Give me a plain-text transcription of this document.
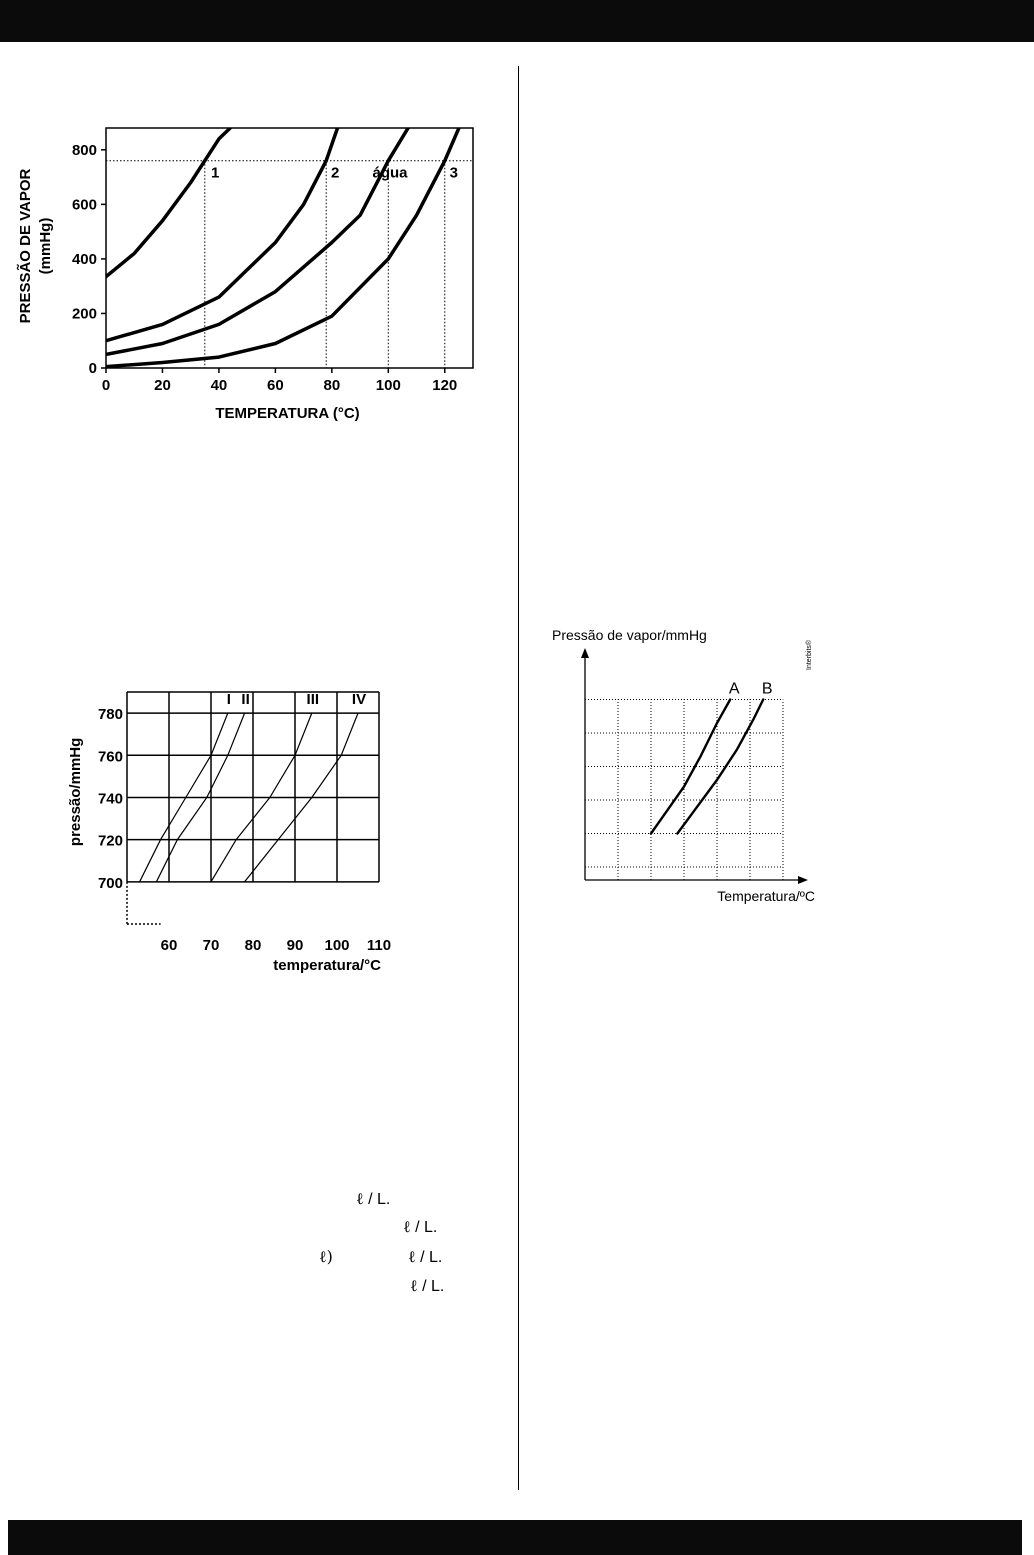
0	20	40	60	80 100 120
0
200
400
600
800
1	2 água	3
TEMPERATURA (°C)
PRESSÃO DE VAPOR (mmHg)
60 70 80 90 100 110
700
720
740
760
780
I II	III IV
temperatura/°C
pressão/mmHg
A B
Pressão de vapor/mmHg
Temperatura/ºC
Interbits®
ℓ / L.
ℓ / L.
ℓ)	ℓ / L.
ℓ / L.
